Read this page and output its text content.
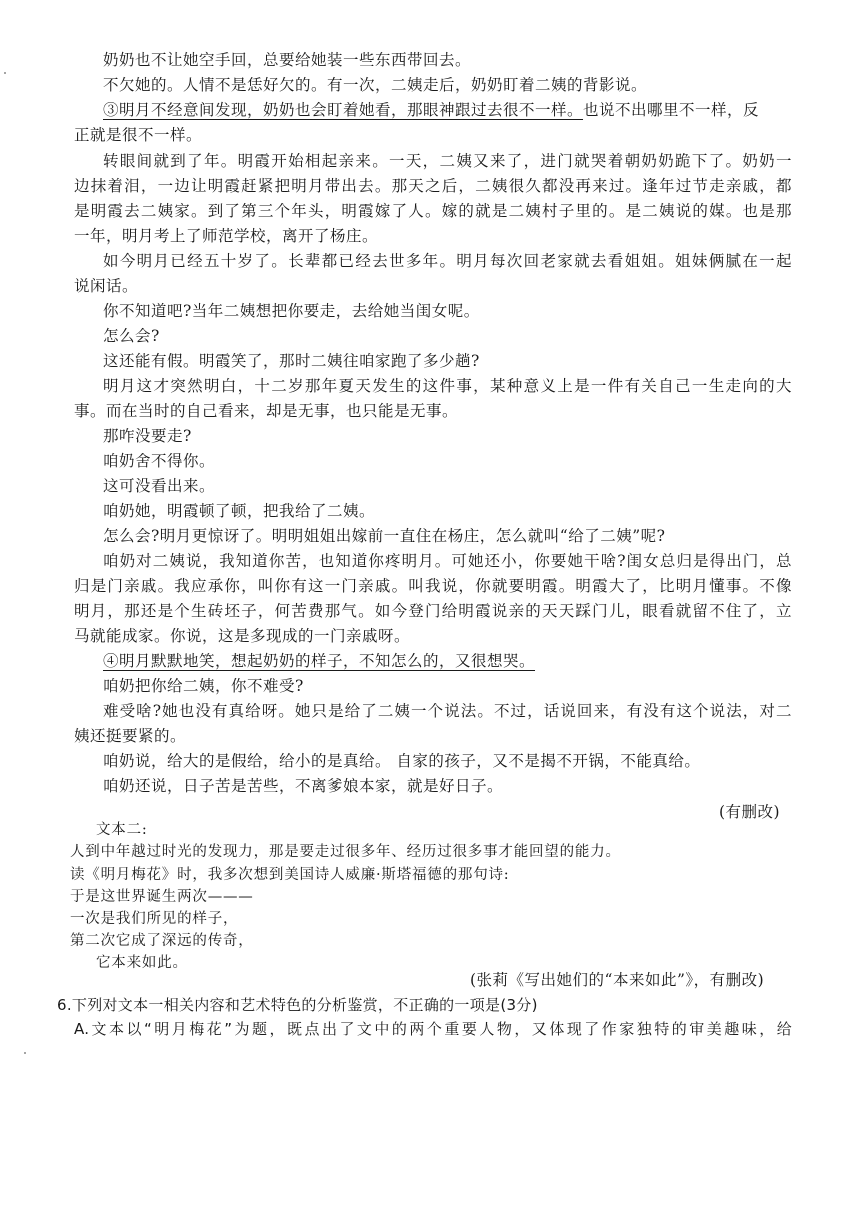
奶奶也不让她空手回，总要给她装一些东西带回去。

不欠她的。人情不是恁好欠的。有一次，二姨走后，奶奶盯着二姨的背影说。

③明月不经意间发现，奶奶也会盯着她看，那眼神跟过去很不一样。也说不出哪里不一样，反

正就是很不一样。

转眼间就到了年。明霞开始相起亲来。一天，二姨又来了，进门就哭着朝奶奶跪下了。奶奶一

边抹着泪，一边让明霞赶紧把明月带出去。那天之后，二姨很久都没再来过。逢年过节走亲戚，都

是明霞去二姨家。到了第三个年头，明霞嫁了人。嫁的就是二姨村子里的。是二姨说的媒。也是那

一年，明月考上了师范学校，离开了杨庄。

如今明月已经五十岁了。长辈都已经去世多年。明月每次回老家就去看姐姐。姐妹俩腻在一起

说闲话。

你不知道吧?当年二姨想把你要走，去给她当闺女呢。

怎么会?

这还能有假。明霞笑了，那时二姨往咱家跑了多少趟?

明月这才突然明白，十二岁那年夏天发生的这件事，某种意义上是一件有关自己一生走向的大

事。而在当时的自己看来，却是无事，也只能是无事。

那咋没要走?

咱奶舍不得你。

这可没看出来。

咱奶她，明霞顿了顿，把我给了二姨。

怎么会?明月更惊讶了。明明姐姐出嫁前一直住在杨庄，怎么就叫“给了二姨”呢?

咱奶对二姨说，我知道你苦，也知道你疼明月。可她还小，你要她干啥?闺女总归是得出门，总

归是门亲戚。我应承你，叫你有这一门亲戚。叫我说，你就要明霞。明霞大了，比明月懂事。不像

明月，那还是个生砖坯子，何苦费那气。如今登门给明霞说亲的天天踩门儿，眼看就留不住了，立

马就能成家。你说，这是多现成的一门亲戚呀。

④明月默默地笑，想起奶奶的样子，不知怎么的，又很想哭。

咱奶把你给二姨，你不难受?

难受啥?她也没有真给呀。她只是给了二姨一个说法。不过，话说回来，有没有这个说法，对二

姨还挺要紧的。

咱奶说，给大的是假给，给小的是真给。 自家的孩子，又不是揭不开锅，不能真给。

咱奶还说，日子苦是苦些，不离爹娘本家，就是好日子。

(有删改)

文本二:

人到中年越过时光的发现力，那是要走过很多年、经历过很多事才能回望的能力。

读《明月梅花》时，我多次想到美国诗人威廉·斯塔福德的那句诗:

于是这世界诞生两次———

一次是我们所见的样子，

第二次它成了深远的传奇，

它本来如此。

(张莉《写出她们的“本来如此”》，有删改)

6.下列对文本一相关内容和艺术特色的分析鉴赏，不正确的一项是(3分)

A.文本以“明月梅花”为题，既点出了文中的两个重要人物，又体现了作家独特的审美趣味，给
